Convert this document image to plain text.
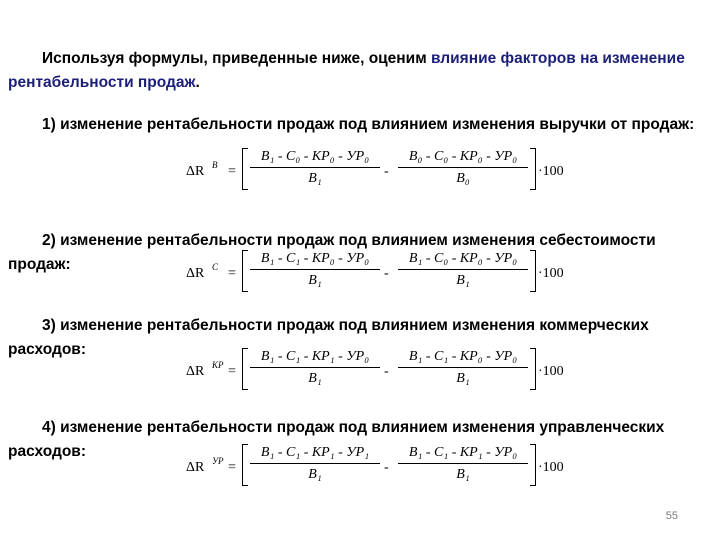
Используя формулы, приведенные ниже, оценим влияние факторов на изменение рентабельности продаж.
1) изменение рентабельности продаж под влиянием изменения выручки от продаж:
ΔR В =
В₁ - С₀ - КР₀ - УР₀
В₁	-
В₀ - С₀ - КР₀ - УР₀
В₀	·100
2) изменение рентабельности продаж под влиянием изменения себестоимости продаж:
ΔR С =
В₁ - С₁ - КР₀ - УР₀
В₁	-
В₁ - С₀ - КР₀ - УР₀
В₁	·100
3) изменение рентабельности продаж под влиянием изменения коммерческих расходов:
ΔR КР =
В₁ - С₁ - КР₁ - УР₀
В₁	-
В₁ - С₁ - КР₀ - УР₀
В₁	·100
4) изменение рентабельности продаж под влиянием изменения управленческих расходов:
ΔR УР =
В₁ - С₁ - КР₁ - УР₁
В₁	-
В₁ - С₁ - КР₁ - УР₀
В₁	·100
55
